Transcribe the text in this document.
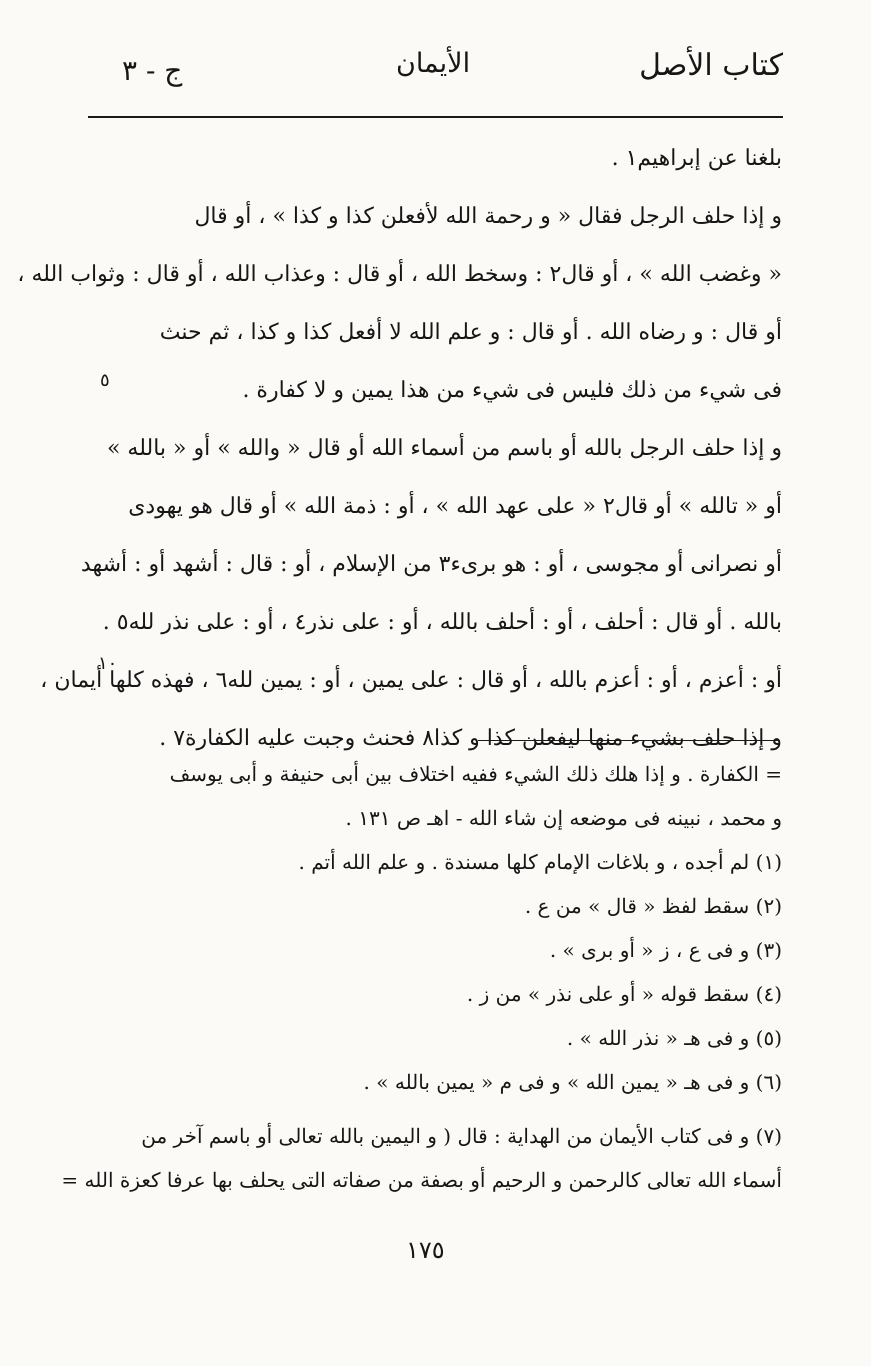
كتاب الأصل
الأيمان
ج - ٣
بلغنا عن إبراهيم١ .
و إذا حلف الرجل فقال « و رحمة الله لأفعلن كذا و كذا » ، أو قال
« وغضب الله » ، أو قال٢ : وسخط الله ، أو قال : وعذاب الله ، أو قال : وثواب الله ،
أو قال : و رضاه الله . أو قال : و علم الله لا أفعل كذا و كذا ، ثم حنث
فى شيء من ذلك فليس فى شيء من هذا يمين و لا كفارة .
و إذا حلف الرجل بالله أو باسم من أسماء الله أو قال « والله » أو « بالله »
أو « تالله » أو قال٢ « على عهد الله » ، أو : ذمة الله » أو قال هو يهودى
أو نصرانى أو مجوسى ، أو : هو برىء٣ من الإسلام ، أو : قال : أشهد أو : أشهد
بالله . أو قال : أحلف ، أو : أحلف بالله ، أو : على نذر٤ ، أو : على نذر لله٥ .
أو : أعزم ، أو : أعزم بالله ، أو قال : على يمين ، أو : يمين لله٦ ، فهذه كلها أيمان ،
و إذا حلف بشيء منها ليفعلن كذا و كذا٨ فحنث وجبت عليه الكفارة٧ .
٥
١٠
= الكفارة . و إذا هلك ذلك الشيء ففيه اختلاف بين أبى حنيفة و أبى يوسف
و محمد ، نبينه فى موضعه إن شاء الله - اهـ ص ١٣١ .
(١) لم أجده ، و بلاغات الإمام كلها مسندة . و علم الله أتم .
(٢) سقط لفظ « قال » من ع .
(٣) و فى ع ، ز « أو برى » .
(٤) سقط قوله « أو على نذر » من ز .
(٥) و فى هـ « نذر الله » .
(٦) و فى هـ « يمين الله » و فى م « يمين بالله » .
(٧) و فى كتاب الأيمان من الهداية : قال ( و اليمين بالله تعالى أو باسم آخر من
أسماء الله تعالى كالرحمن و الرحيم أو بصفة من صفاته التى يحلف بها عرفا كعزة الله =
١٧٥
